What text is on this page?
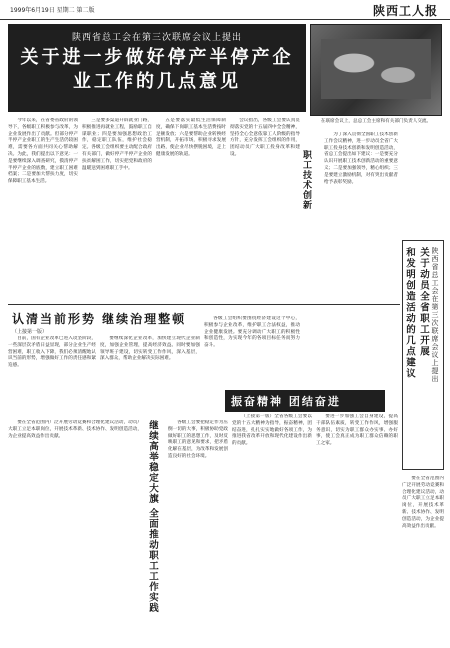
1999年6月19日 星期二 第二版	陕西工人报
陕西省总工会在第三次联席会议上提出
关于进一步做好停产半停产企业工作的几点意见
在联席会议上，总总工会主席和有关部门负责人交流。

今年以来，在省委省政府的领导下，各级职工积极参与改革，为企业发展作出了贡献。但部分停产半停产企业职工的生产生活仍较困难，需要各方面共同关心帮助解决。为此，我们提出以下意见：一是要继续深入调查研究，摸清停产半停产企业的底数，建立职工困难档案；二是要加大帮扶力度，切实保障职工基本生活。

三是要多渠道开辟就业门路，积极推进再就业工程，鼓励职工自谋职业；四是要加强思想政治工作，稳定职工队伍，维护社会稳定。各级工会组织要主动配合政府有关部门，做好停产半停产企业的扶贫解困工作，切实把党和政府的温暖送到困难职工手中。

五是要落实最低生活保障制度，确保下岗职工基本生活费按时足额发放；六是要帮助企业转换经营机制，开拓市场，积极寻求发展出路，使企业尽快摆脱困境，走上健康发展的轨道。

会议指出，各级工会要认真贯彻落实党的十五届四中全会精神，坚持全心全意依靠工人阶级的指导方针，充分发挥工会组织的作用，团结动员广大职工投身改革和建设。	职工技术创新

为了深入贯彻全国职工技术创新工作会议精神，进一步动员全省广大职工投身技术创新和发明创造活动，省总工会提出如下建议：一是要充分认识开展职工技术创新活动的重要意义；二是要加强领导，精心组织；三是要建立激励机制，对有突出贡献者给予表彰奖励。

陕西省总工会在第三次联席会议上提出
关于动员全省职工开展
和发明创造活动的几点建议
认清当前形势 继续治理整顿
（上接第一版）

目前，国有企业改革已进入攻坚阶段，一些深层次矛盾日益显现，部分企业生产经营困难，职工收入下降，我们必须清醒地认识当前的形势，增强做好工作的责任感和紧迫感。

要继续深化企业改革，加快建立现代企业制度，加强企业管理，提高经济效益。同时要加强领导班子建设，切实转变工作作风，深入基层，深入群众，帮助企业解决实际困难。

各级工会组织要围绕经济建设这个中心，积极参与企业改革，维护职工合法权益，推动企业健康发展。要充分调动广大职工的积极性和创造性，为实现今年的各项目标任务而努力奋斗。

振奋精神 团结奋进

要在全省范围内广泛开展劳动竞赛和合理化建议活动，动员广大职工立足本职岗位，开展技术革新、技术协作、发明创造活动，为企业提高效益作出贡献。	继续高举稳定大旗 全面推动职工工作实践	各级工会要把稳定作为压倒一切的大事，积极协助党政做好职工的思想工作，及时反映职工的意见和要求，把矛盾化解在基层，为改革和发展创造良好的社会环境。

（上接第一版）全省各级工会要以党的十五大精神为指导，振奋精神，团结奋进，扎扎实实地做好各项工作，为推进我省改革开放和现代化建设作出新的贡献。

要进一步加强工会自身建设，提高干部队伍素质，转变工作作风，增强服务意识，切实为职工群众办实事、办好事，使工会真正成为职工群众信赖的职工之家。

要在全省范围内广泛开展劳动竞赛和合理化建议活动，动员广大职工立足本职岗位，开展技术革新、技术协作、发明创造活动，为企业提高效益作出贡献。
